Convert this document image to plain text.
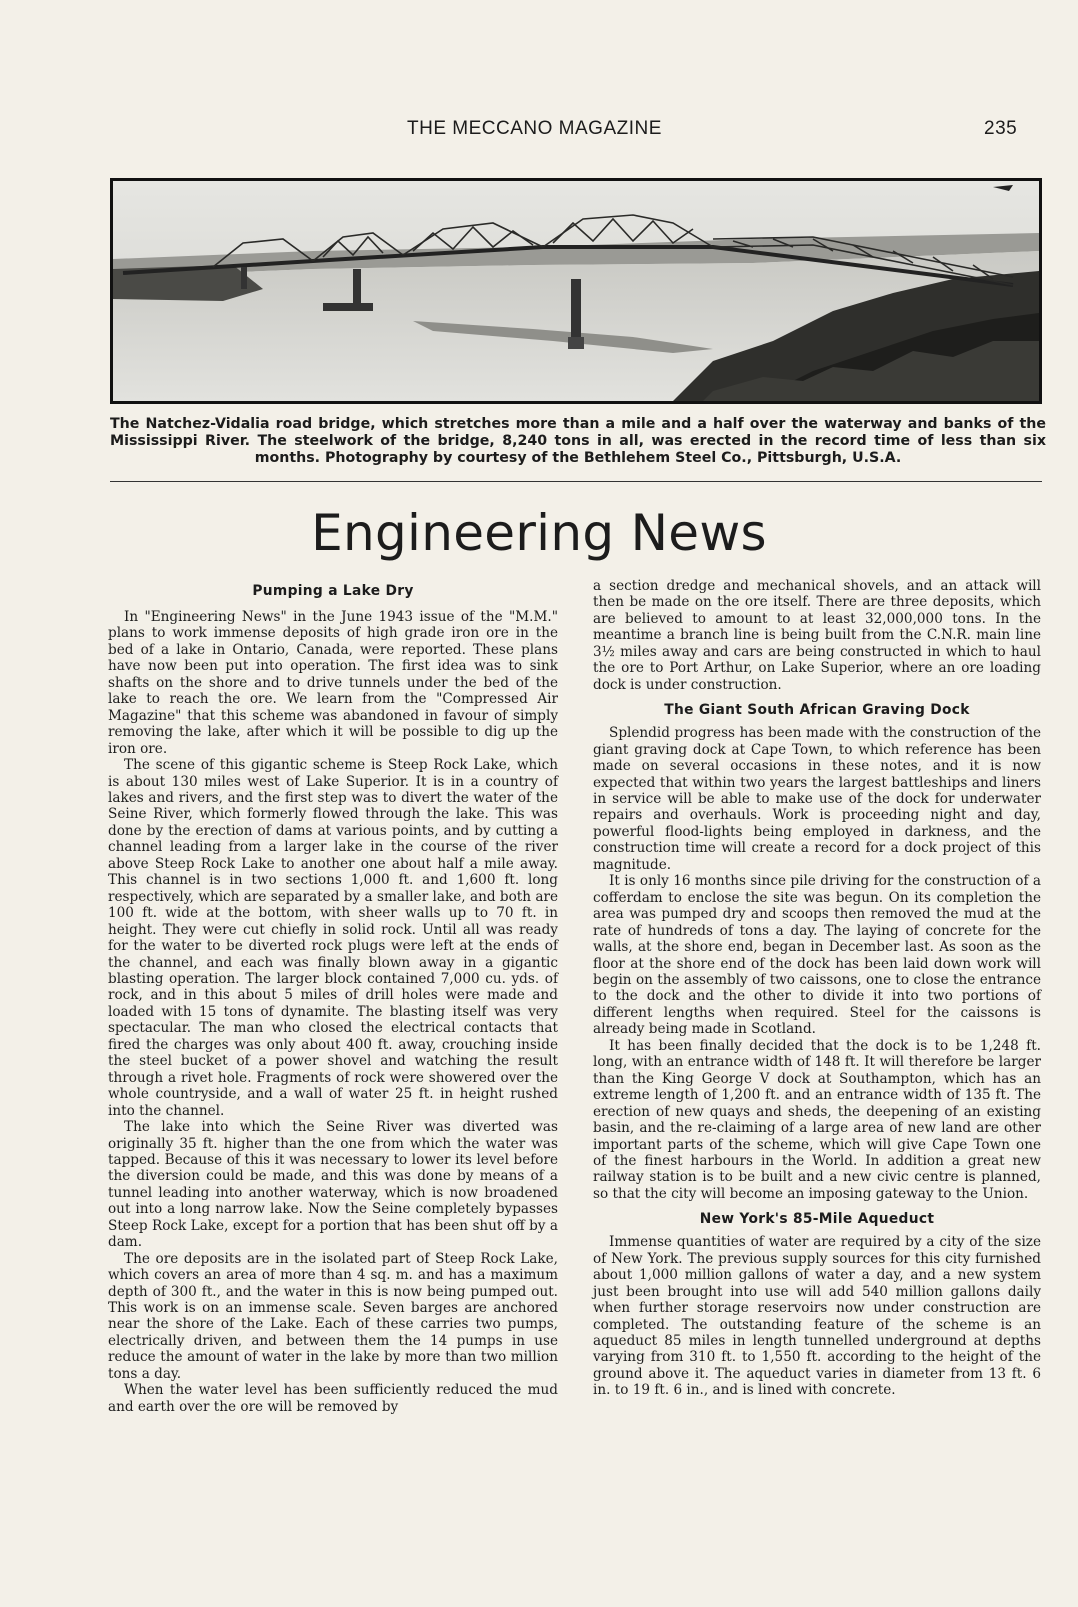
THE MECCANO MAGAZINE	235
The Natchez-Vidalia road bridge, which stretches more than a mile and a half over the waterway and banks of the Mississippi River. The steelwork of the bridge, 8,240 tons in all, was erected in the record time of less than six months. Photography by courtesy of the Bethlehem Steel Co., Pittsburgh, U.S.A.
Engineering News
Pumping a Lake Dry

In "Engineering News" in the June 1943 issue of the "M.M." plans to work immense deposits of high grade iron ore in the bed of a lake in Ontario, Canada, were reported. These plans have now been put into operation. The first idea was to sink shafts on the shore and to drive tunnels under the bed of the lake to reach the ore. We learn from the "Compressed Air Magazine" that this scheme was abandoned in favour of simply removing the lake, after which it will be possible to dig up the iron ore.

The scene of this gigantic scheme is Steep Rock Lake, which is about 130 miles west of Lake Superior. It is in a country of lakes and rivers, and the first step was to divert the water of the Seine River, which formerly flowed through the lake. This was done by the erection of dams at various points, and by cutting a channel leading from a larger lake in the course of the river above Steep Rock Lake to another one about half a mile away. This channel is in two sections 1,000 ft. and 1,600 ft. long respectively, which are separated by a smaller lake, and both are 100 ft. wide at the bottom, with sheer walls up to 70 ft. in height. They were cut chiefly in solid rock. Until all was ready for the water to be diverted rock plugs were left at the ends of the channel, and each was finally blown away in a gigantic blasting operation. The larger block contained 7,000 cu. yds. of rock, and in this about 5 miles of drill holes were made and loaded with 15 tons of dynamite. The blasting itself was very spectacular. The man who closed the electrical contacts that fired the charges was only about 400 ft. away, crouching inside the steel bucket of a power shovel and watching the result through a rivet hole. Fragments of rock were showered over the whole countryside, and a wall of water 25 ft. in height rushed into the channel.

The lake into which the Seine River was diverted was originally 35 ft. higher than the one from which the water was tapped. Because of this it was necessary to lower its level before the diversion could be made, and this was done by means of a tunnel leading into another waterway, which is now broadened out into a long narrow lake. Now the Seine completely bypasses Steep Rock Lake, except for a portion that has been shut off by a dam.

The ore deposits are in the isolated part of Steep Rock Lake, which covers an area of more than 4 sq. m. and has a maximum depth of 300 ft., and the water in this is now being pumped out. This work is on an immense scale. Seven barges are anchored near the shore of the Lake. Each of these carries two pumps, electrically driven, and between them the 14 pumps in use reduce the amount of water in the lake by more than two million tons a day.

When the water level has been sufficiently reduced the mud and earth over the ore will be removed by

a section dredge and mechanical shovels, and an attack will then be made on the ore itself. There are three deposits, which are believed to amount to at least 32,000,000 tons. In the meantime a branch line is being built from the C.N.R. main line 3½ miles away and cars are being constructed in which to haul the ore to Port Arthur, on Lake Superior, where an ore loading dock is under construction.

The Giant South African Graving Dock

Splendid progress has been made with the construction of the giant graving dock at Cape Town, to which reference has been made on several occasions in these notes, and it is now expected that within two years the largest battleships and liners in service will be able to make use of the dock for underwater repairs and overhauls. Work is proceeding night and day, powerful flood-lights being employed in darkness, and the construction time will create a record for a dock project of this magnitude.

It is only 16 months since pile driving for the construction of a cofferdam to enclose the site was begun. On its completion the area was pumped dry and scoops then removed the mud at the rate of hundreds of tons a day. The laying of concrete for the walls, at the shore end, began in December last. As soon as the floor at the shore end of the dock has been laid down work will begin on the assembly of two caissons, one to close the entrance to the dock and the other to divide it into two portions of different lengths when required. Steel for the caissons is already being made in Scotland.

It has been finally decided that the dock is to be 1,248 ft. long, with an entrance width of 148 ft. It will therefore be larger than the King George V dock at Southampton, which has an extreme length of 1,200 ft. and an entrance width of 135 ft. The erection of new quays and sheds, the deepening of an existing basin, and the re-claiming of a large area of new land are other important parts of the scheme, which will give Cape Town one of the finest harbours in the World. In addition a great new railway station is to be built and a new civic centre is planned, so that the city will become an imposing gateway to the Union.

New York's 85-Mile Aqueduct

Immense quantities of water are required by a city of the size of New York. The previous supply sources for this city furnished about 1,000 million gallons of water a day, and a new system just been brought into use will add 540 million gallons daily when further storage reservoirs now under construction are completed. The outstanding feature of the scheme is an aqueduct 85 miles in length tunnelled underground at depths varying from 310 ft. to 1,550 ft. according to the height of the ground above it. The aqueduct varies in diameter from 13 ft. 6 in. to 19 ft. 6 in., and is lined with concrete.
